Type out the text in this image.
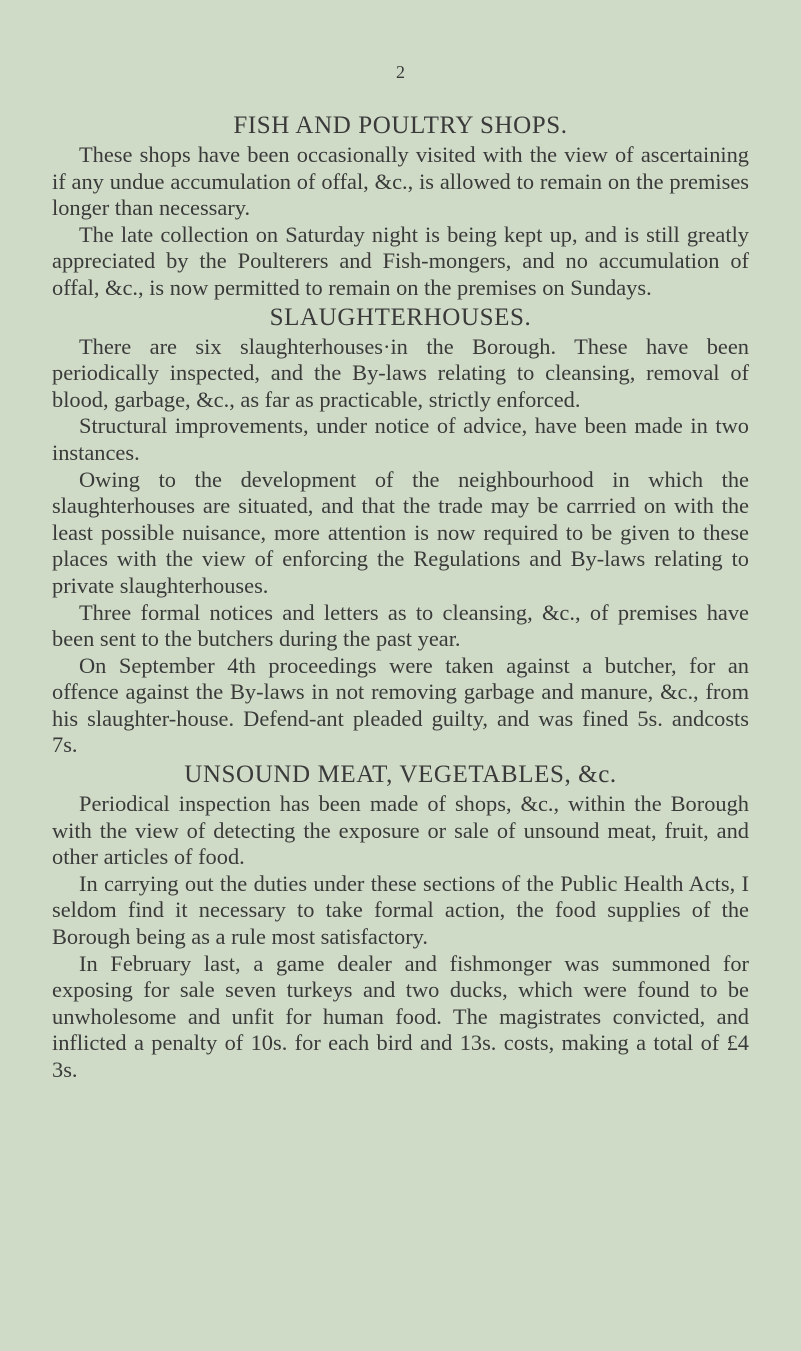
2
FISH AND POULTRY SHOPS.

These shops have been occasionally visited with the view of ascertaining if any undue accumulation of offal, &c., is allowed to remain on the premises longer than necessary.

The late collection on Saturday night is being kept up, and is still greatly appreciated by the Poulterers and Fish-mongers, and no accumulation of offal, &c., is now permitted to remain on the premises on Sundays.

SLAUGHTERHOUSES.

There are six slaughterhouses·in the Borough. These have been periodically inspected, and the By-laws relating to cleansing, removal of blood, garbage, &c., as far as practicable, strictly enforced.

Structural improvements, under notice of advice, have been made in two instances.

Owing to the development of the neighbourhood in which the slaughterhouses are situated, and that the trade may be carrried on with the least possible nuisance, more attention is now required to be given to these places with the view of enforcing the Regulations and By-laws relating to private slaughterhouses.

Three formal notices and letters as to cleansing, &c., of premises have been sent to the butchers during the past year.

On September 4th proceedings were taken against a butcher, for an offence against the By-laws in not removing garbage and manure, &c., from his slaughter-house. Defend-ant pleaded guilty, and was fined 5s. andcosts 7s.

UNSOUND MEAT, VEGETABLES, &c.

Periodical inspection has been made of shops, &c., within the Borough with the view of detecting the exposure or sale of unsound meat, fruit, and other articles of food.

In carrying out the duties under these sections of the Public Health Acts, I seldom find it necessary to take formal action, the food supplies of the Borough being as a rule most satisfactory.

In February last, a game dealer and fishmonger was summoned for exposing for sale seven turkeys and two ducks, which were found to be unwholesome and unfit for human food. The magistrates convicted, and inflicted a penalty of 10s. for each bird and 13s. costs, making a total of £4 3s.
